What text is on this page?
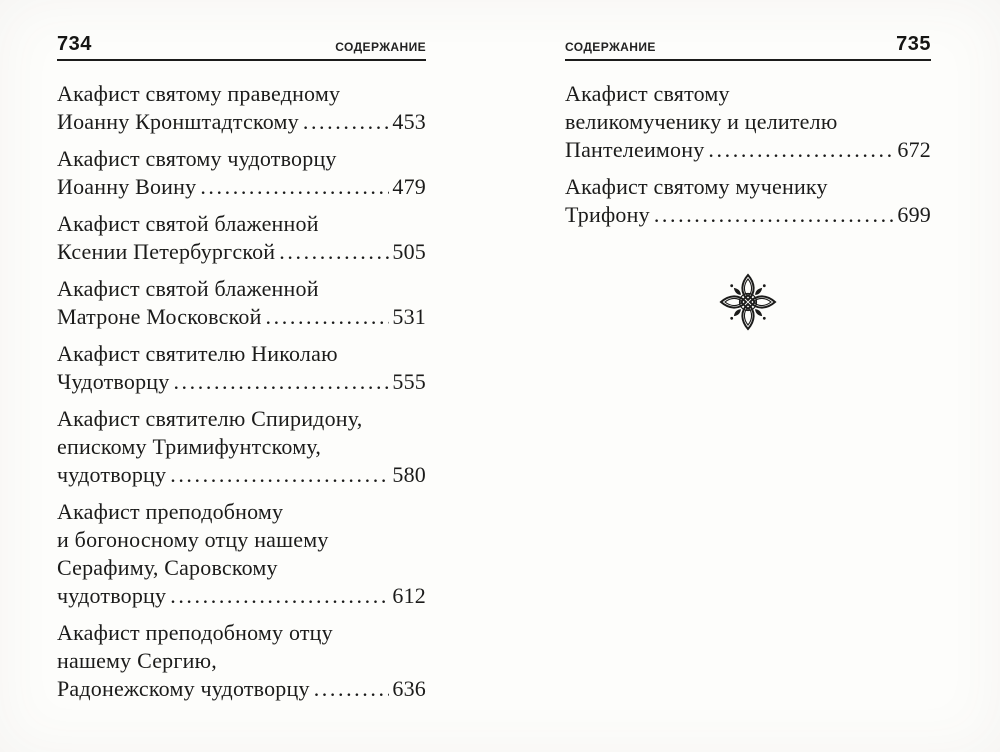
734	СОДЕРЖАНИЕ
Акафист святому праведному
Иоанну Кронштадтскому .....	453
Акафист святому чудотворцу
Иоанну Воину .....	479
Акафист святой блаженной
Ксении Петербургской .....	505
Акафист святой блаженной
Матроне Московской .....	531
Акафист святителю Николаю
Чудотворцу .....	555
Акафист святителю Спиридону,
епискому Тримифунтскому,
чудотворцу .....	580
Акафист преподобному
и богоносному отцу нашему
Серафиму, Саровскому
чудотворцу .....	612
Акафист преподобному отцу
нашему Сергию,
Радонежскому чудотворцу .....	636
СОДЕРЖАНИЕ	735
Акафист святому
великомученику и целителю
Пантелеимону .....	672
Акафист святому мученику
Трифону .....	699
